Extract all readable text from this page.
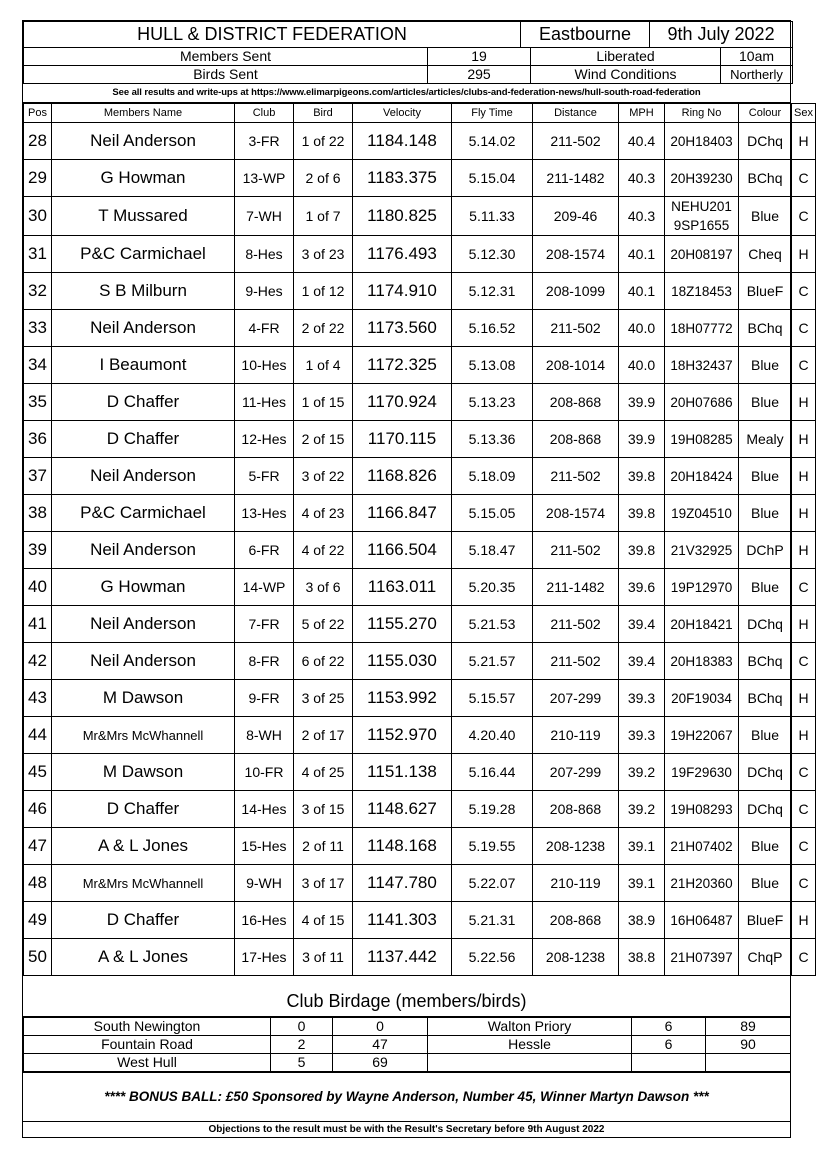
HULL & DISTRICT FEDERATION		Eastbourne		9th July 2022	
Members Sent	19		Liberated		10am
Birds Sent	295		Wind Conditions		Northerly
See all results and write-ups at https://www.elimarpigeons.com/articles/articles/clubs-and-federation-news/hull-south-road-federation
Pos	Members Name	Club	Bird	Velocity	Fly Time	Distance	MPH	Ring No	Colour	Sex
28	Neil Anderson	3-FR	1 of 22	1184.148	5.14.02	211-502	40.4	20H18403	DChq	H
29	G Howman	13-WP	2 of 6	1183.375	5.15.04	211-1482	40.3	20H39230	BChq	C
30	T Mussared	7-WH	1 of 7	1180.825	5.11.33	209-46	40.3	NEHU201 9SP1655	Blue	C
31	P&C Carmichael	8-Hes	3 of 23	1176.493	5.12.30	208-1574	40.1	20H08197	Cheq	H
32	S B Milburn	9-Hes	1 of 12	1174.910	5.12.31	208-1099	40.1	18Z18453	BlueF	C
33	Neil Anderson	4-FR	2 of 22	1173.560	5.16.52	211-502	40.0	18H07772	BChq	C
34	I Beaumont	10-Hes	1 of 4	1172.325	5.13.08	208-1014	40.0	18H32437	Blue	C
35	D Chaffer	11-Hes	1 of 15	1170.924	5.13.23	208-868	39.9	20H07686	Blue	H
36	D Chaffer	12-Hes	2 of 15	1170.115	5.13.36	208-868	39.9	19H08285	Mealy	H
37	Neil Anderson	5-FR	3 of 22	1168.826	5.18.09	211-502	39.8	20H18424	Blue	H
38	P&C Carmichael	13-Hes	4 of 23	1166.847	5.15.05	208-1574	39.8	19Z04510	Blue	H
39	Neil Anderson	6-FR	4 of 22	1166.504	5.18.47	211-502	39.8	21V32925	DChP	H
40	G Howman	14-WP	3 of 6	1163.011	5.20.35	211-1482	39.6	19P12970	Blue	C
41	Neil Anderson	7-FR	5 of 22	1155.270	5.21.53	211-502	39.4	20H18421	DChq	H
42	Neil Anderson	8-FR	6 of 22	1155.030	5.21.57	211-502	39.4	20H18383	BChq	C
43	M Dawson	9-FR	3 of 25	1153.992	5.15.57	207-299	39.3	20F19034	BChq	H
44	Mr&Mrs McWhannell	8-WH	2 of 17	1152.970	4.20.40	210-119	39.3	19H22067	Blue	H
45	M Dawson	10-FR	4 of 25	1151.138	5.16.44	207-299	39.2	19F29630	DChq	C
46	D Chaffer	14-Hes	3 of 15	1148.627	5.19.28	208-868	39.2	19H08293	DChq	C
47	A & L Jones	15-Hes	2 of 11	1148.168	5.19.55	208-1238	39.1	21H07402	Blue	C
48	Mr&Mrs McWhannell	9-WH	3 of 17	1147.780	5.22.07	210-119	39.1	21H20360	Blue	C
49	D Chaffer	16-Hes	4 of 15	1141.303	5.21.31	208-868	38.9	16H06487	BlueF	H
50	A & L Jones	17-Hes	3 of 11	1137.442	5.22.56	208-1238	38.8	21H07397	ChqP	C
Club Birdage (members/birds)
South Newington	0	0	Walton Priory	6	89
Fountain Road	2	47	Hessle	6	90
West Hull	5	69			
**** BONUS BALL: £50 Sponsored by Wayne Anderson, Number 45, Winner Martyn Dawson ***
Objections to the result must be with the Result's Secretary before 9th August 2022
